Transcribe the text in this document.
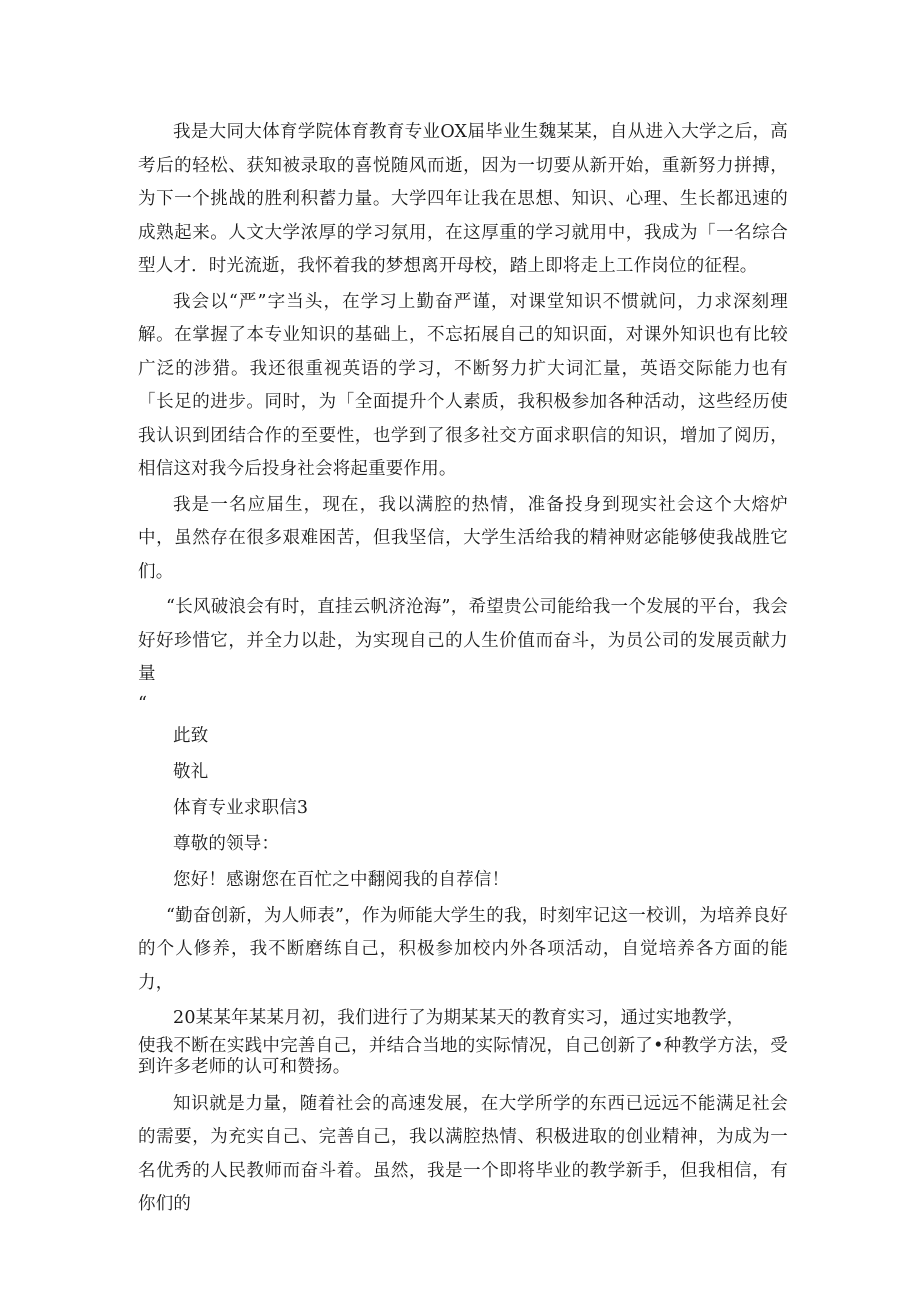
我是大同大体育学院体育教育专业OX届毕业生魏某某，自从进入大学之后，高考后的轻松、获知被录取的喜悦随风而逝，因为一切要从新开始，重新努力拼搏，为下一个挑战的胜利积蓄力量。大学四年让我在思想、知识、心理、生长都迅速的成熟起来。人文大学浓厚的学习氛用，在这厚重的学习就用中，我成为「一名综合型人才．时光流逝，我怀着我的梦想离开母校，踏上即将走上工作岗位的征程。

我会以“严”字当头，在学习上勤奋严谨，对课堂知识不惯就问，力求深刻理解。在掌握了本专业知识的基础上，不忘拓展自己的知识面，对课外知识也有比较广泛的涉猎。我还很重视英语的学习，不断努力扩大词汇量，英语交际能力也有「长足的进步。同时，为「全面提升个人素质，我积极参加各种活动，这些经历使我认识到团结合作的至要性，也学到了很多社交方面求职信的知识，增加了阅历，相信这对我今后投身社会将起重要作用。

我是一名应届生，现在，我以满腔的热情，准备投身到现实社会这个大熔炉中，虽然存在很多艰难困苦，但我坚信，大学生活给我的精神财宓能够使我战胜它们。

“长风破浪会有时，直挂云帆济沧海”，希望贵公司能给我一个发展的平台，我会好好珍惜它，并全力以赴，为实现自己的人生价值而奋斗，为员公司的发展贡献力量

“

此致

敬礼

体育专业求职信3

尊敬的领导：

您好！感谢您在百忙之中翻阅我的自荐信！

“勤奋创新，为人师表”，作为师能大学生的我，时刻牢记这一校训，为培养良好的个人修养，我不断磨练自己，积极参加校内外各项活动，自觉培养各方面的能力，

20某某年某某月初，我们进行了为期某某天的教育实习，通过实地教学，

使我不断在实践中完善自己，并结合当地的实际情况，自己创新了•种教学方法，受到许多老师的认可和赞扬。

知识就是力量，随着社会的高速发展，在大学所学的东西已远远不能满足社会的需要，为充实自己、完善自己，我以满腔热情、积极进取的创业精神，为成为一名优秀的人民教师而奋斗着。虽然，我是一个即将毕业的教学新手，但我相信，有你们的
